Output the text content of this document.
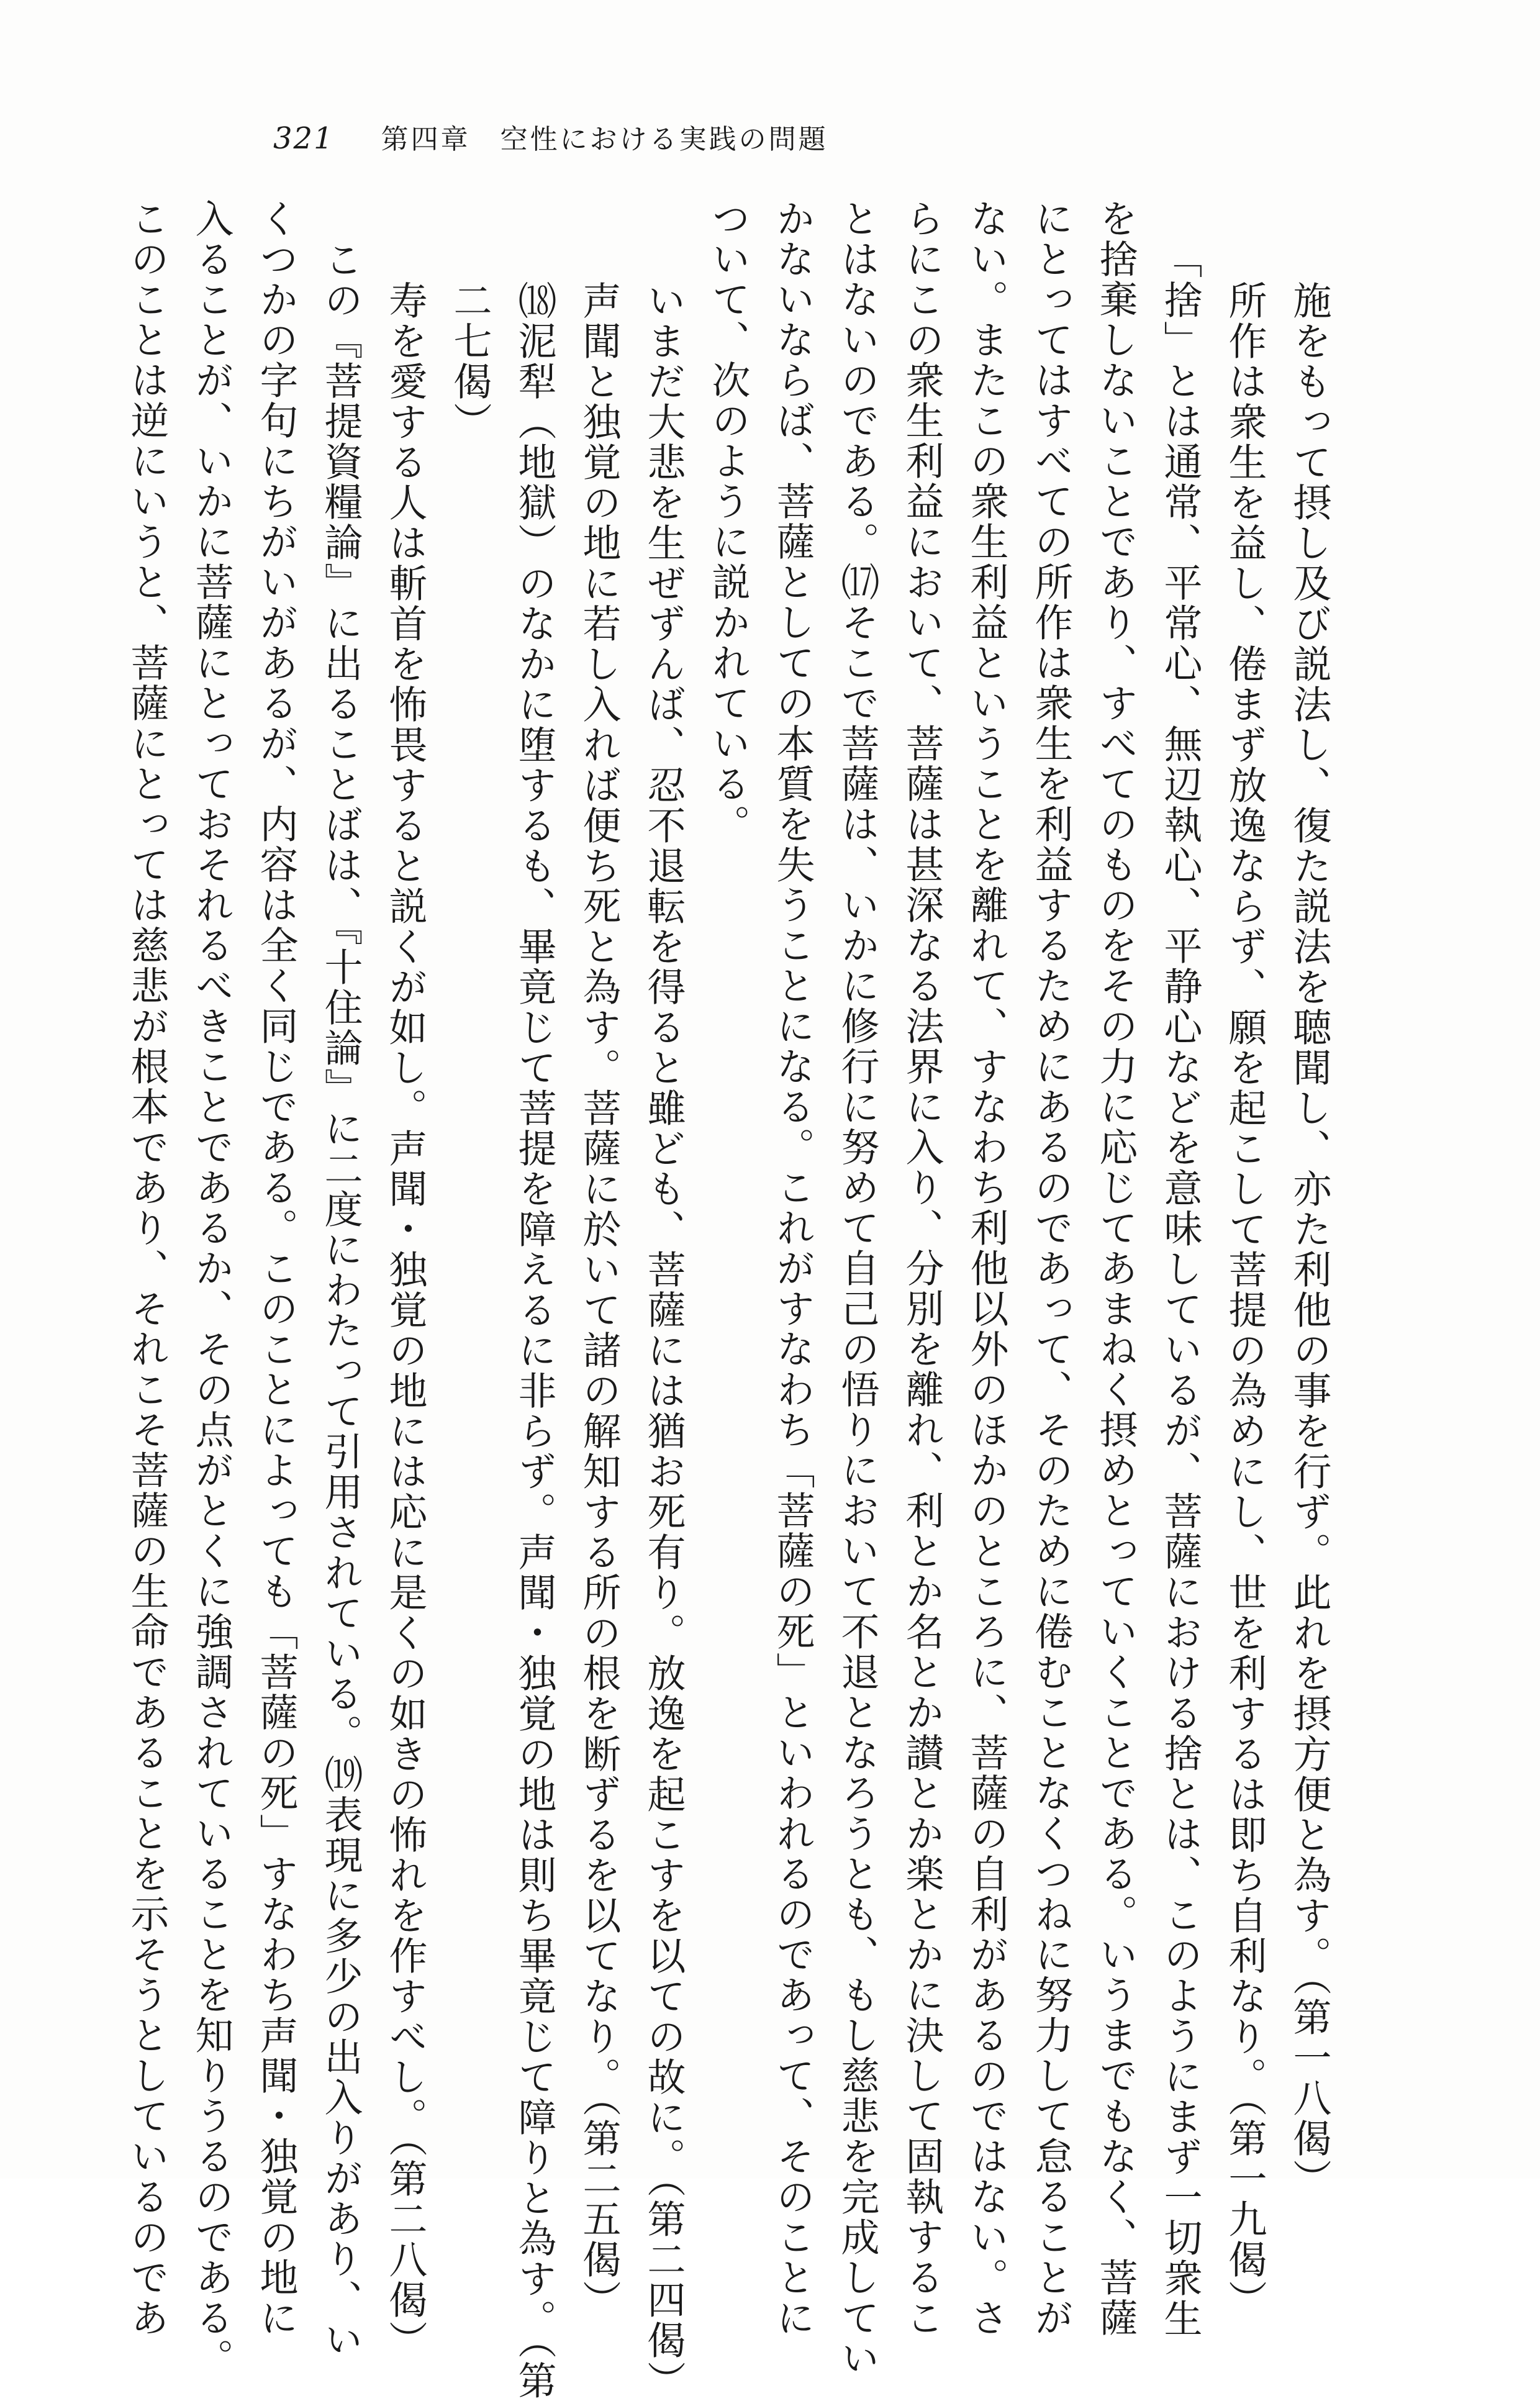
321 第四章　空性における実践の問題
施をもって摂し及び説法し、復た説法を聴聞し、亦た利他の事を行ず。此れを摂方便と為す。（第一八偈）
所作は衆生を益し、倦まず放逸ならず、願を起こして菩提の為めにし、世を利するは即ち自利なり。（第一九偈）
「捨」とは通常、平常心、無辺執心、平静心などを意味しているが、菩薩における捨とは、このようにまず一切衆生
を捨棄しないことであり、すべてのものをその力に応じてあまねく摂めとっていくことである。いうまでもなく、菩薩
にとってはすべての所作は衆生を利益するためにあるのであって、そのために倦むことなくつねに努力して怠ることが
ない。またこの衆生利益ということを離れて、すなわち利他以外のほかのところに、菩薩の自利があるのではない。さ
らにこの衆生利益において、菩薩は甚深なる法界に入り、分別を離れ、利とか名とか讃とか楽とかに決して固執するこ
とはないのである。⒄そこで菩薩は、いかに修行に努めて自己の悟りにおいて不退となろうとも、もし慈悲を完成してい
かないならば、菩薩としての本質を失うことになる。これがすなわち「菩薩の死」といわれるのであって、そのことに
ついて、次のように説かれている。
いまだ大悲を生ぜずんば、忍不退転を得ると雖ども、菩薩には猶お死有り。放逸を起こすを以ての故に。（第二四偈）
声聞と独覚の地に若し入れば便ち死と為す。菩薩に於いて諸の解知する所の根を断ずるを以てなり。（第二五偈）
⒅泥犁（地獄）のなかに堕するも、畢竟じて菩提を障えるに非らず。声聞・独覚の地は則ち畢竟じて障りと為す。（第
二七偈）
寿を愛する人は斬首を怖畏すると説くが如し。声聞・独覚の地には応に是くの如きの怖れを作すべし。（第二八偈）
この『菩提資糧論』に出ることばは、『十住論』に二度にわたって引用されている。⒆表現に多少の出入りがあり、い
くつかの字句にちがいがあるが、内容は全く同じである。このことによっても「菩薩の死」すなわち声聞・独覚の地に
入ることが、いかに菩薩にとっておそれるべきことであるか、その点がとくに強調されていることを知りうるのである。
このことは逆にいうと、菩薩にとっては慈悲が根本であり、それこそ菩薩の生命であることを示そうとしているのであ
